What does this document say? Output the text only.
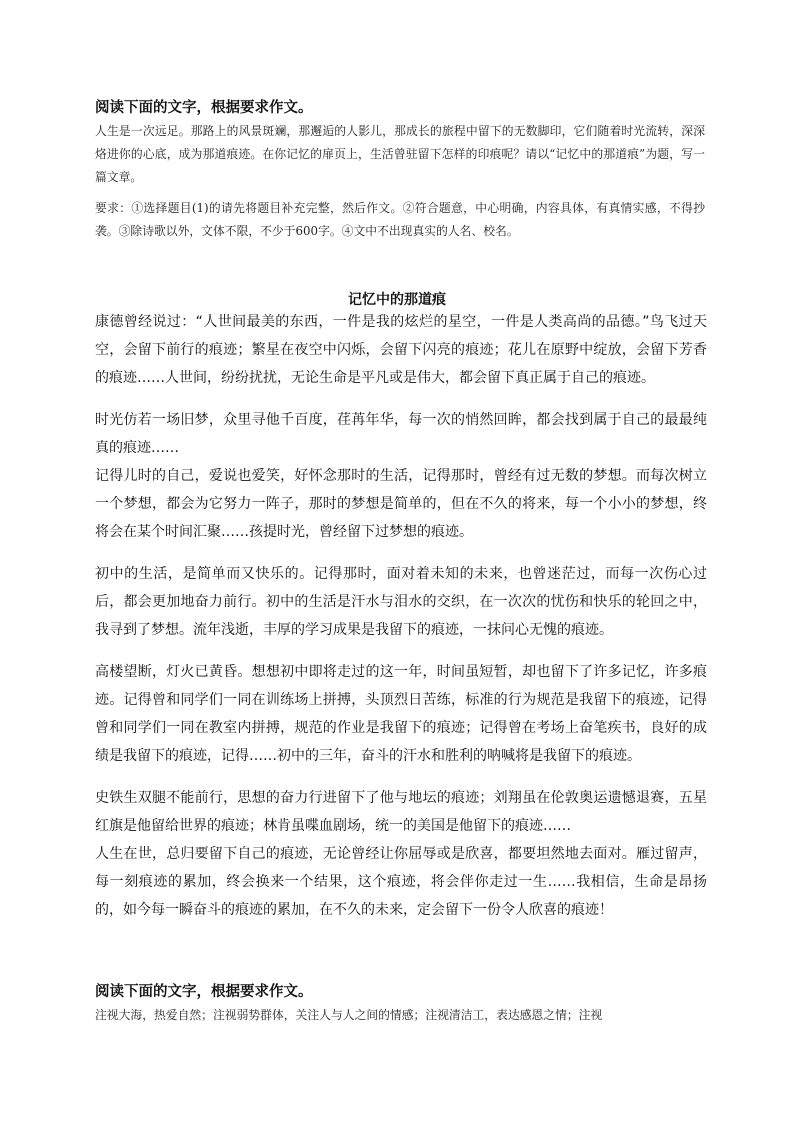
阅读下面的文字，根据要求作文。

人生是一次远足。那路上的风景斑斓，那邂逅的人影儿，那成长的旅程中留下的无数脚印，它们随着时光流转，深深烙进你的心底，成为那道痕迹。在你记忆的扉页上，生活曾驻留下怎样的印痕呢？请以“记忆中的那道痕”为题，写一篇文章。

要求：①选择题目(1)的请先将题目补充完整，然后作文。②符合题意，中心明确，内容具体，有真情实感，不得抄袭。③除诗歌以外，文体不限，不少于600字。④文中不出现真实的人名、校名。

记忆中的那道痕

康德曾经说过：“人世间最美的东西，一件是我的炫烂的星空，一件是人类高尚的品德。”鸟飞过天空，会留下前行的痕迹；繁星在夜空中闪烁，会留下闪亮的痕迹；花儿在原野中绽放，会留下芳香的痕迹……人世间，纷纷扰扰，无论生命是平凡或是伟大，都会留下真正属于自己的痕迹。

时光仿若一场旧梦，众里寻他千百度，荏苒年华，每一次的悄然回眸，都会找到属于自己的最最纯真的痕迹……

记得儿时的自己，爱说也爱笑，好怀念那时的生活，记得那时，曾经有过无数的梦想。而每次树立一个梦想，都会为它努力一阵子，那时的梦想是简单的，但在不久的将来，每一个小小的梦想，终将会在某个时间汇聚……孩提时光，曾经留下过梦想的痕迹。

初中的生活，是简单而又快乐的。记得那时，面对着未知的未来，也曾迷茫过，而每一次伤心过后，都会更加地奋力前行。初中的生活是汗水与泪水的交织，在一次次的忧伤和快乐的轮回之中，我寻到了梦想。流年浅逝，丰厚的学习成果是我留下的痕迹，一抹问心无愧的痕迹。

高楼望断，灯火已黄昏。想想初中即将走过的这一年，时间虽短暂，却也留下了许多记忆，许多痕迹。记得曾和同学们一同在训练场上拼搏，头顶烈日苦练，标准的行为规范是我留下的痕迹，记得曾和同学们一同在教室内拼搏，规范的作业是我留下的痕迹；记得曾在考场上奋笔疾书，良好的成绩是我留下的痕迹，记得……初中的三年，奋斗的汗水和胜利的呐喊将是我留下的痕迹。

史铁生双腿不能前行，思想的奋力行进留下了他与地坛的痕迹；刘翔虽在伦敦奥运遗憾退赛，五星红旗是他留给世界的痕迹；林肯虽喋血剧场，统一的美国是他留下的痕迹……

人生在世，总归要留下自己的痕迹，无论曾经让你屈辱或是欣喜，都要坦然地去面对。雁过留声，每一刻痕迹的累加，终会换来一个结果，这个痕迹，将会伴你走过一生……我相信，生命是昂扬的，如今每一瞬奋斗的痕迹的累加，在不久的未来，定会留下一份令人欣喜的痕迹！

阅读下面的文字，根据要求作文。
注视大海，热爱自然；注视弱势群体，关注人与人之间的情感；注视清洁工，表达感恩之情；注视
